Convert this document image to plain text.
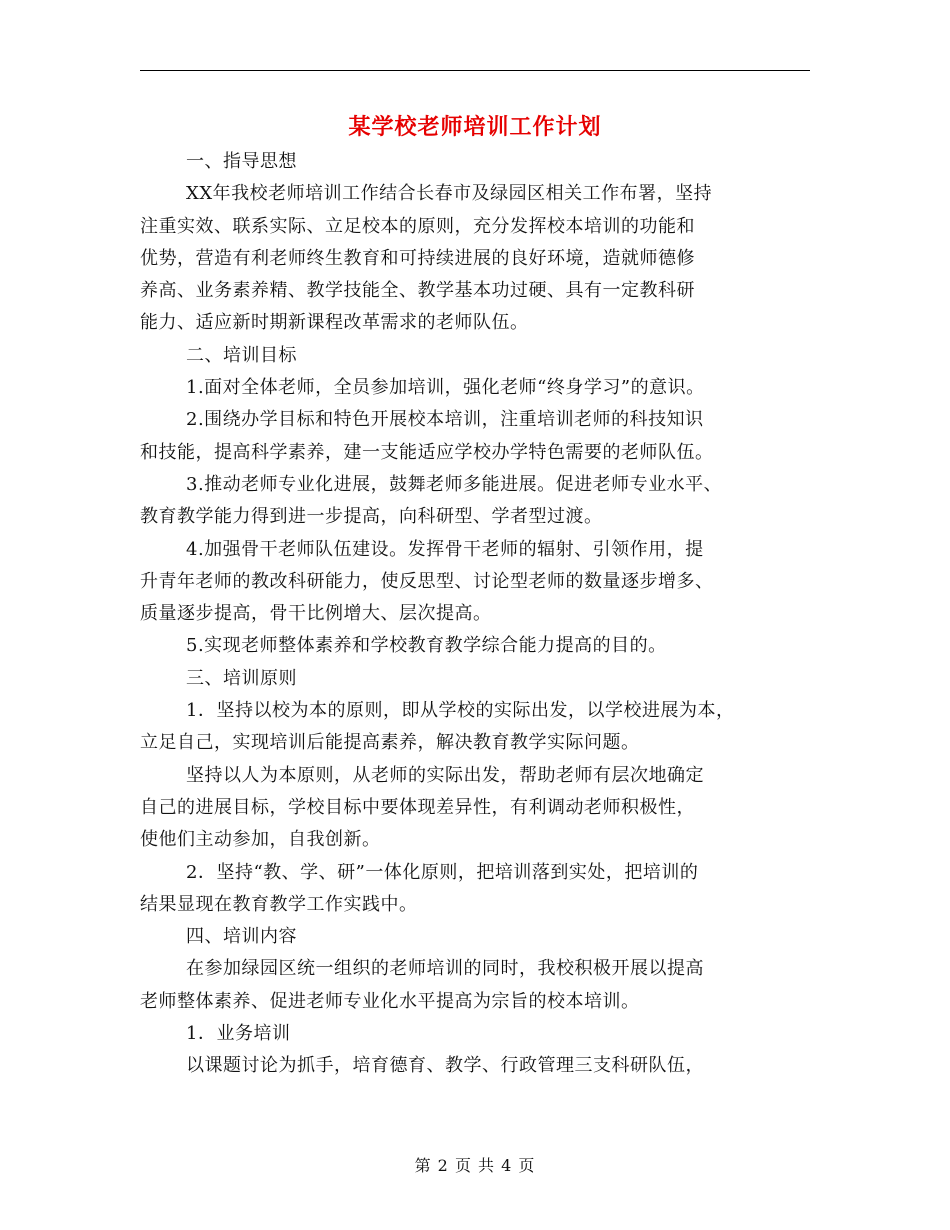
某学校老师培训工作计划
一、指导思想
XX年我校老师培训工作结合长春市及绿园区相关工作布署，坚持
注重实效、联系实际、立足校本的原则，充分发挥校本培训的功能和
优势，营造有利老师终生教育和可持续进展的良好环境，造就师德修
养高、业务素养精、教学技能全、教学基本功过硬、具有一定教科研
能力、适应新时期新课程改革需求的老师队伍。
二、培训目标
1.面对全体老师，全员参加培训，强化老师“终身学习”的意识。
2.围绕办学目标和特色开展校本培训，注重培训老师的科技知识
和技能，提高科学素养，建一支能适应学校办学特色需要的老师队伍。
3.推动老师专业化进展，鼓舞老师多能进展。促进老师专业水平、
教育教学能力得到进一步提高，向科研型、学者型过渡。
4.加强骨干老师队伍建设。发挥骨干老师的辐射、引领作用，提
升青年老师的教改科研能力，使反思型、讨论型老师的数量逐步增多、
质量逐步提高，骨干比例增大、层次提高。
5.实现老师整体素养和学校教育教学综合能力提高的目的。
三、培训原则
1．坚持以校为本的原则，即从学校的实际出发，以学校进展为本，
立足自己，实现培训后能提高素养，解决教育教学实际问题。
坚持以人为本原则，从老师的实际出发，帮助老师有层次地确定
自己的进展目标，学校目标中要体现差异性，有利调动老师积极性，
使他们主动参加，自我创新。
2．坚持“教、学、研”一体化原则，把培训落到实处，把培训的
结果显现在教育教学工作实践中。
四、培训内容
在参加绿园区统一组织的老师培训的同时，我校积极开展以提高
老师整体素养、促进老师专业化水平提高为宗旨的校本培训。
1．业务培训
以课题讨论为抓手，培育德育、教学、行政管理三支科研队伍，
第 2 页 共 4 页
